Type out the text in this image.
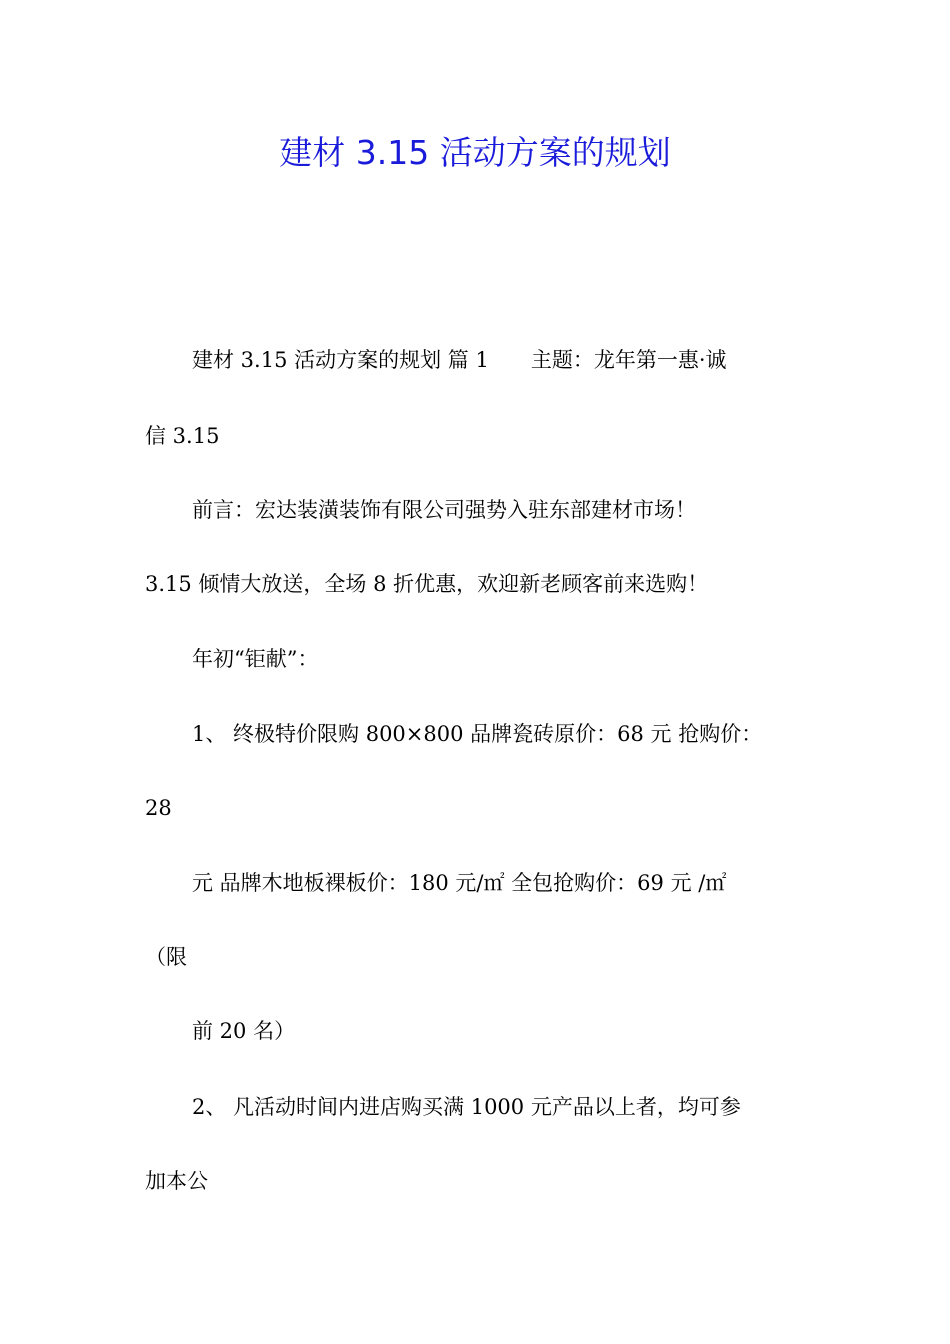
建材 3.15 活动方案的规划
建材 3.15 活动方案的规划 篇 1　　主题：龙年第一惠·诚
信 3.15
前言：宏达装潢装饰有限公司强势入驻东部建材市场！
3.15 倾情大放送，全场 8 折优惠，欢迎新老顾客前来选购！
年初“钜献”：
1、 终极特价限购 800×800 品牌瓷砖原价：68 元 抢购价：
28
元 品牌木地板裸板价：180 元/㎡ 全包抢购价：69 元 /㎡
（限
前 20 名）
2、 凡活动时间内进店购买满 1000 元产品以上者，均可参
加本公
